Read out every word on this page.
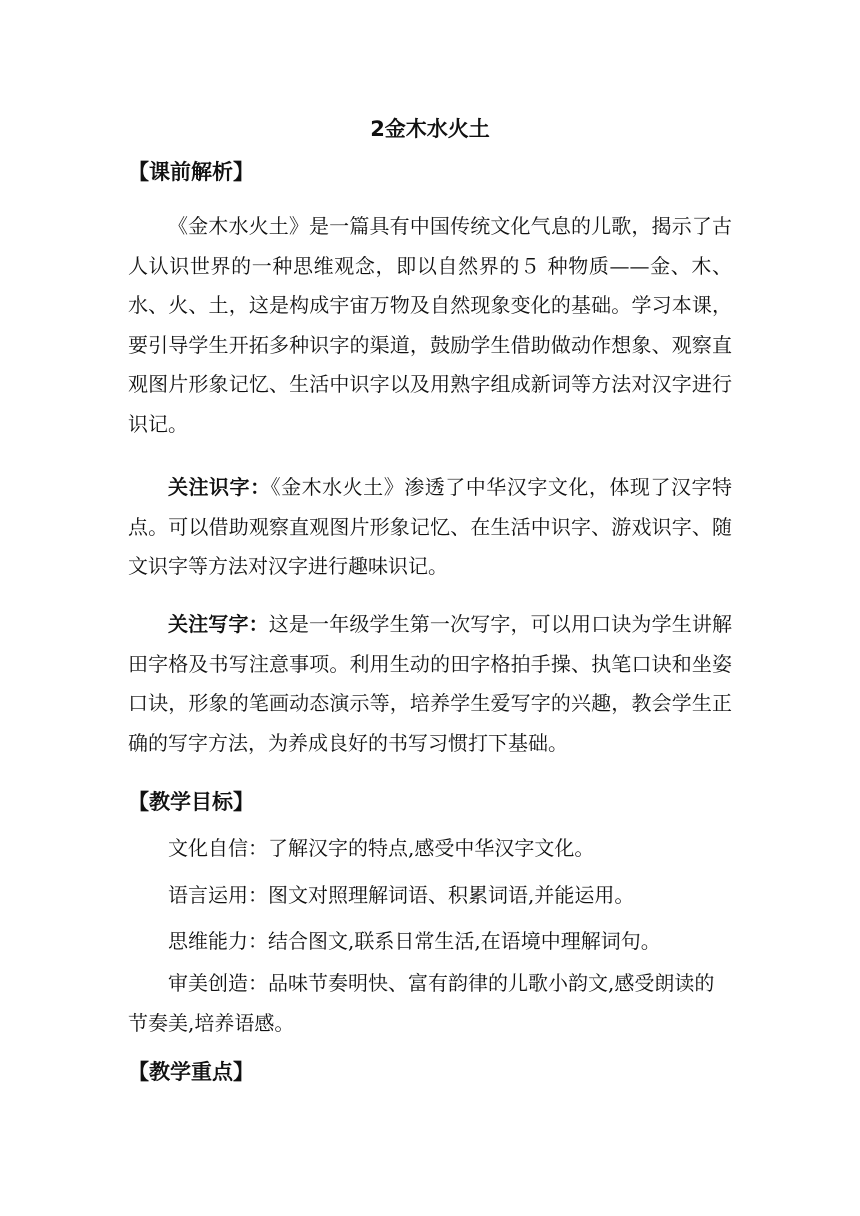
2金木水火土
【课前解析】

《金木水火土》是一篇具有中国传统文化气息的儿歌，揭示了古人认识世界的一种思维观念，即以自然界的５ 种物质——金、木、水、火、土，这是构成宇宙万物及自然现象变化的基础。学习本课，要引导学生开拓多种识字的渠道，鼓励学生借助做动作想象、观察直观图片形象记忆、生活中识字以及用熟字组成新词等方法对汉字进行识记。

关注识字：《金木水火土》渗透了中华汉字文化，体现了汉字特点。可以借助观察直观图片形象记忆、在生活中识字、游戏识字、随文识字等方法对汉字进行趣味识记。

关注写字：这是一年级学生第一次写字，可以用口诀为学生讲解田字格及书写注意事项。利用生动的田字格拍手操、执笔口诀和坐姿口诀，形象的笔画动态演示等，培养学生爱写字的兴趣，教会学生正确的写字方法，为养成良好的书写习惯打下基础。

【教学目标】

文化自信：了解汉字的特点,感受中华汉字文化。

语言运用：图文对照理解词语、积累词语,并能运用。

思维能力：结合图文,联系日常生活,在语境中理解词句。

审美创造：品味节奏明快、富有韵律的儿歌小韵文,感受朗读的节奏美,培养语感。

【教学重点】
